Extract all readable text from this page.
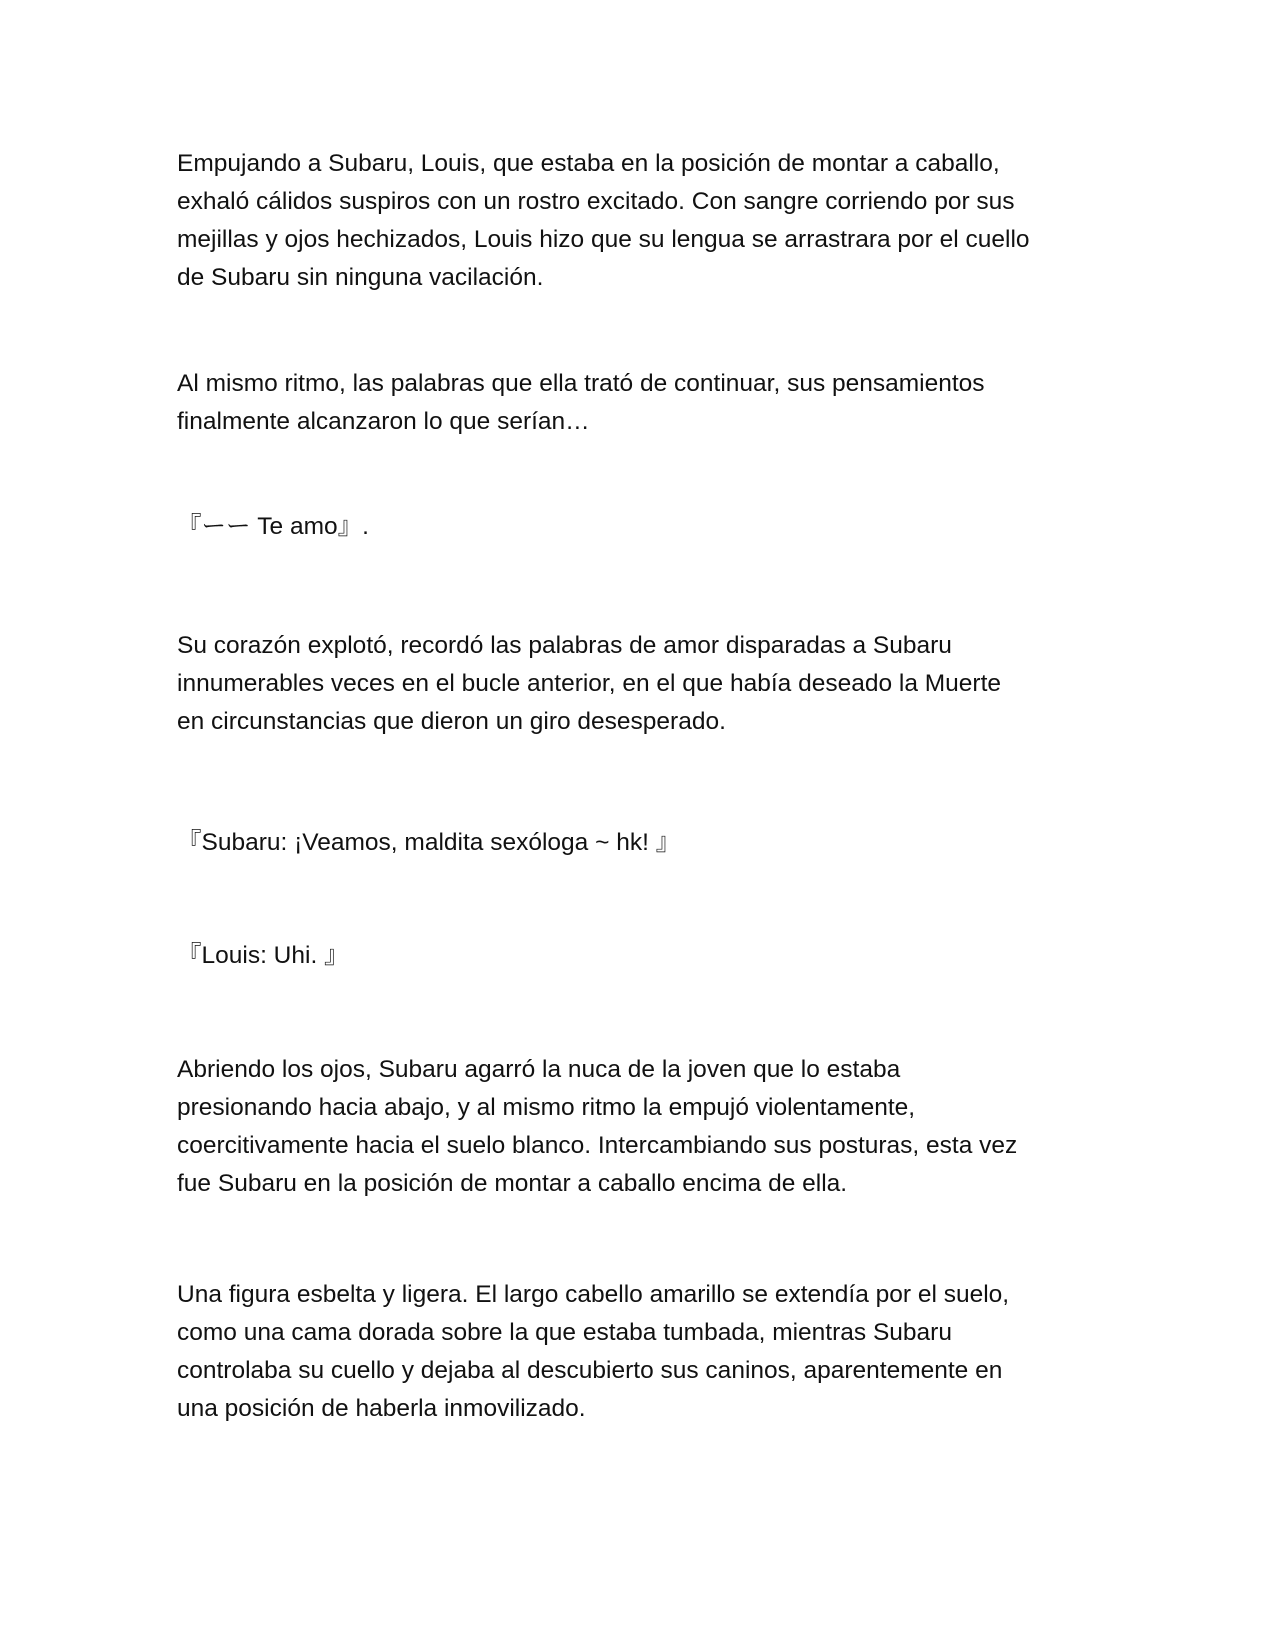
Empujando a Subaru, Louis, que estaba en la posición de montar a caballo,

exhaló cálidos suspiros con un rostro excitado. Con sangre corriendo por sus

mejillas y ojos hechizados, Louis hizo que su lengua se arrastrara por el cuello

de Subaru sin ninguna vacilación.

Al mismo ritmo, las palabras que ella trató de continuar, sus pensamientos

finalmente alcanzaron lo que serían…

『ーー Te amo』.

Su corazón explotó, recordó las palabras de amor disparadas a Subaru

innumerables veces en el bucle anterior, en el que había deseado la Muerte

en circunstancias que dieron un giro desesperado.

『Subaru: ¡Veamos, maldita sexóloga ~ hk! 』

『Louis: Uhi. 』

Abriendo los ojos, Subaru agarró la nuca de la joven que lo estaba

presionando hacia abajo, y al mismo ritmo la empujó violentamente,

coercitivamente hacia el suelo blanco. Intercambiando sus posturas, esta vez

fue Subaru en la posición de montar a caballo encima de ella.

Una figura esbelta y ligera. El largo cabello amarillo se extendía por el suelo,

como una cama dorada sobre la que estaba tumbada, mientras Subaru

controlaba su cuello y dejaba al descubierto sus caninos, aparentemente en

una posición de haberla inmovilizado.
